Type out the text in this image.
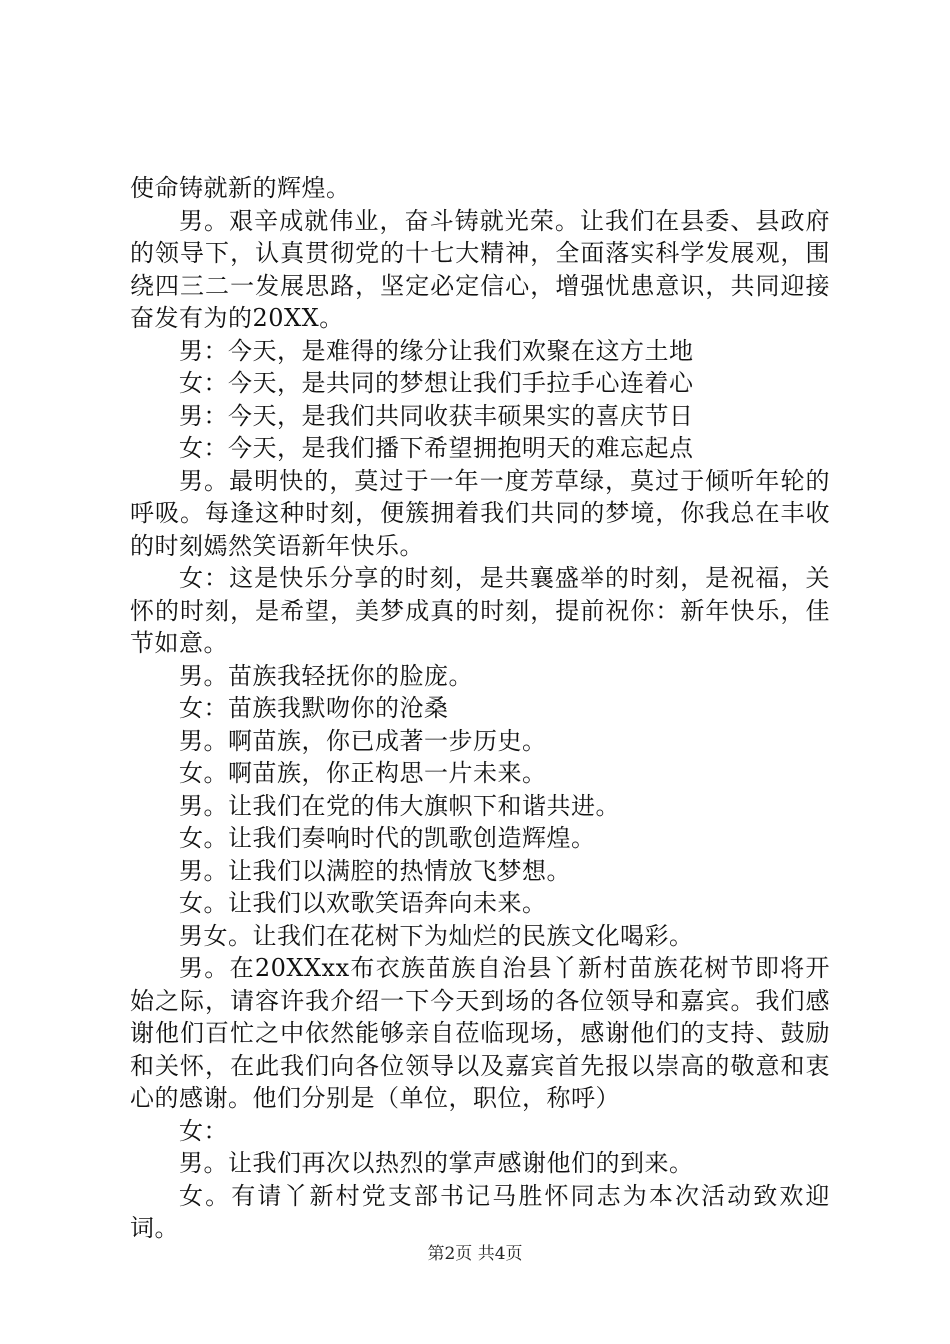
使命铸就新的辉煌。

男。艰辛成就伟业，奋斗铸就光荣。让我们在县委、县政府的领导下，认真贯彻党的十七大精神，全面落实科学发展观，围绕四三二一发展思路，坚定必定信心，增强忧患意识，共同迎接奋发有为的20XX。

男：今天，是难得的缘分让我们欢聚在这方土地

女：今天，是共同的梦想让我们手拉手心连着心

男：今天，是我们共同收获丰硕果实的喜庆节日

女：今天，是我们播下希望拥抱明天的难忘起点

男。最明快的，莫过于一年一度芳草绿，莫过于倾听年轮的呼吸。每逢这种时刻，便簇拥着我们共同的梦境，你我总在丰收的时刻嫣然笑语新年快乐。

女：这是快乐分享的时刻，是共襄盛举的时刻，是祝福，关怀的时刻，是希望，美梦成真的时刻，提前祝你：新年快乐，佳节如意。

男。苗族我轻抚你的脸庞。

女：苗族我默吻你的沧桑

男。啊苗族，你已成著一步历史。

女。啊苗族，你正构思一片未来。

男。让我们在党的伟大旗帜下和谐共进。

女。让我们奏响时代的凯歌创造辉煌。

男。让我们以满腔的热情放飞梦想。

女。让我们以欢歌笑语奔向未来。

男女。让我们在花树下为灿烂的民族文化喝彩。

男。在20XXxx布衣族苗族自治县丫新村苗族花树节即将开始之际，请容许我介绍一下今天到场的各位领导和嘉宾。我们感谢他们百忙之中依然能够亲自莅临现场，感谢他们的支持、鼓励和关怀，在此我们向各位领导以及嘉宾首先报以崇高的敬意和衷心的感谢。他们分别是（单位，职位，称呼）

女：

男。让我们再次以热烈的掌声感谢他们的到来。

女。有请丫新村党支部书记马胜怀同志为本次活动致欢迎词。

第2页 共4页
